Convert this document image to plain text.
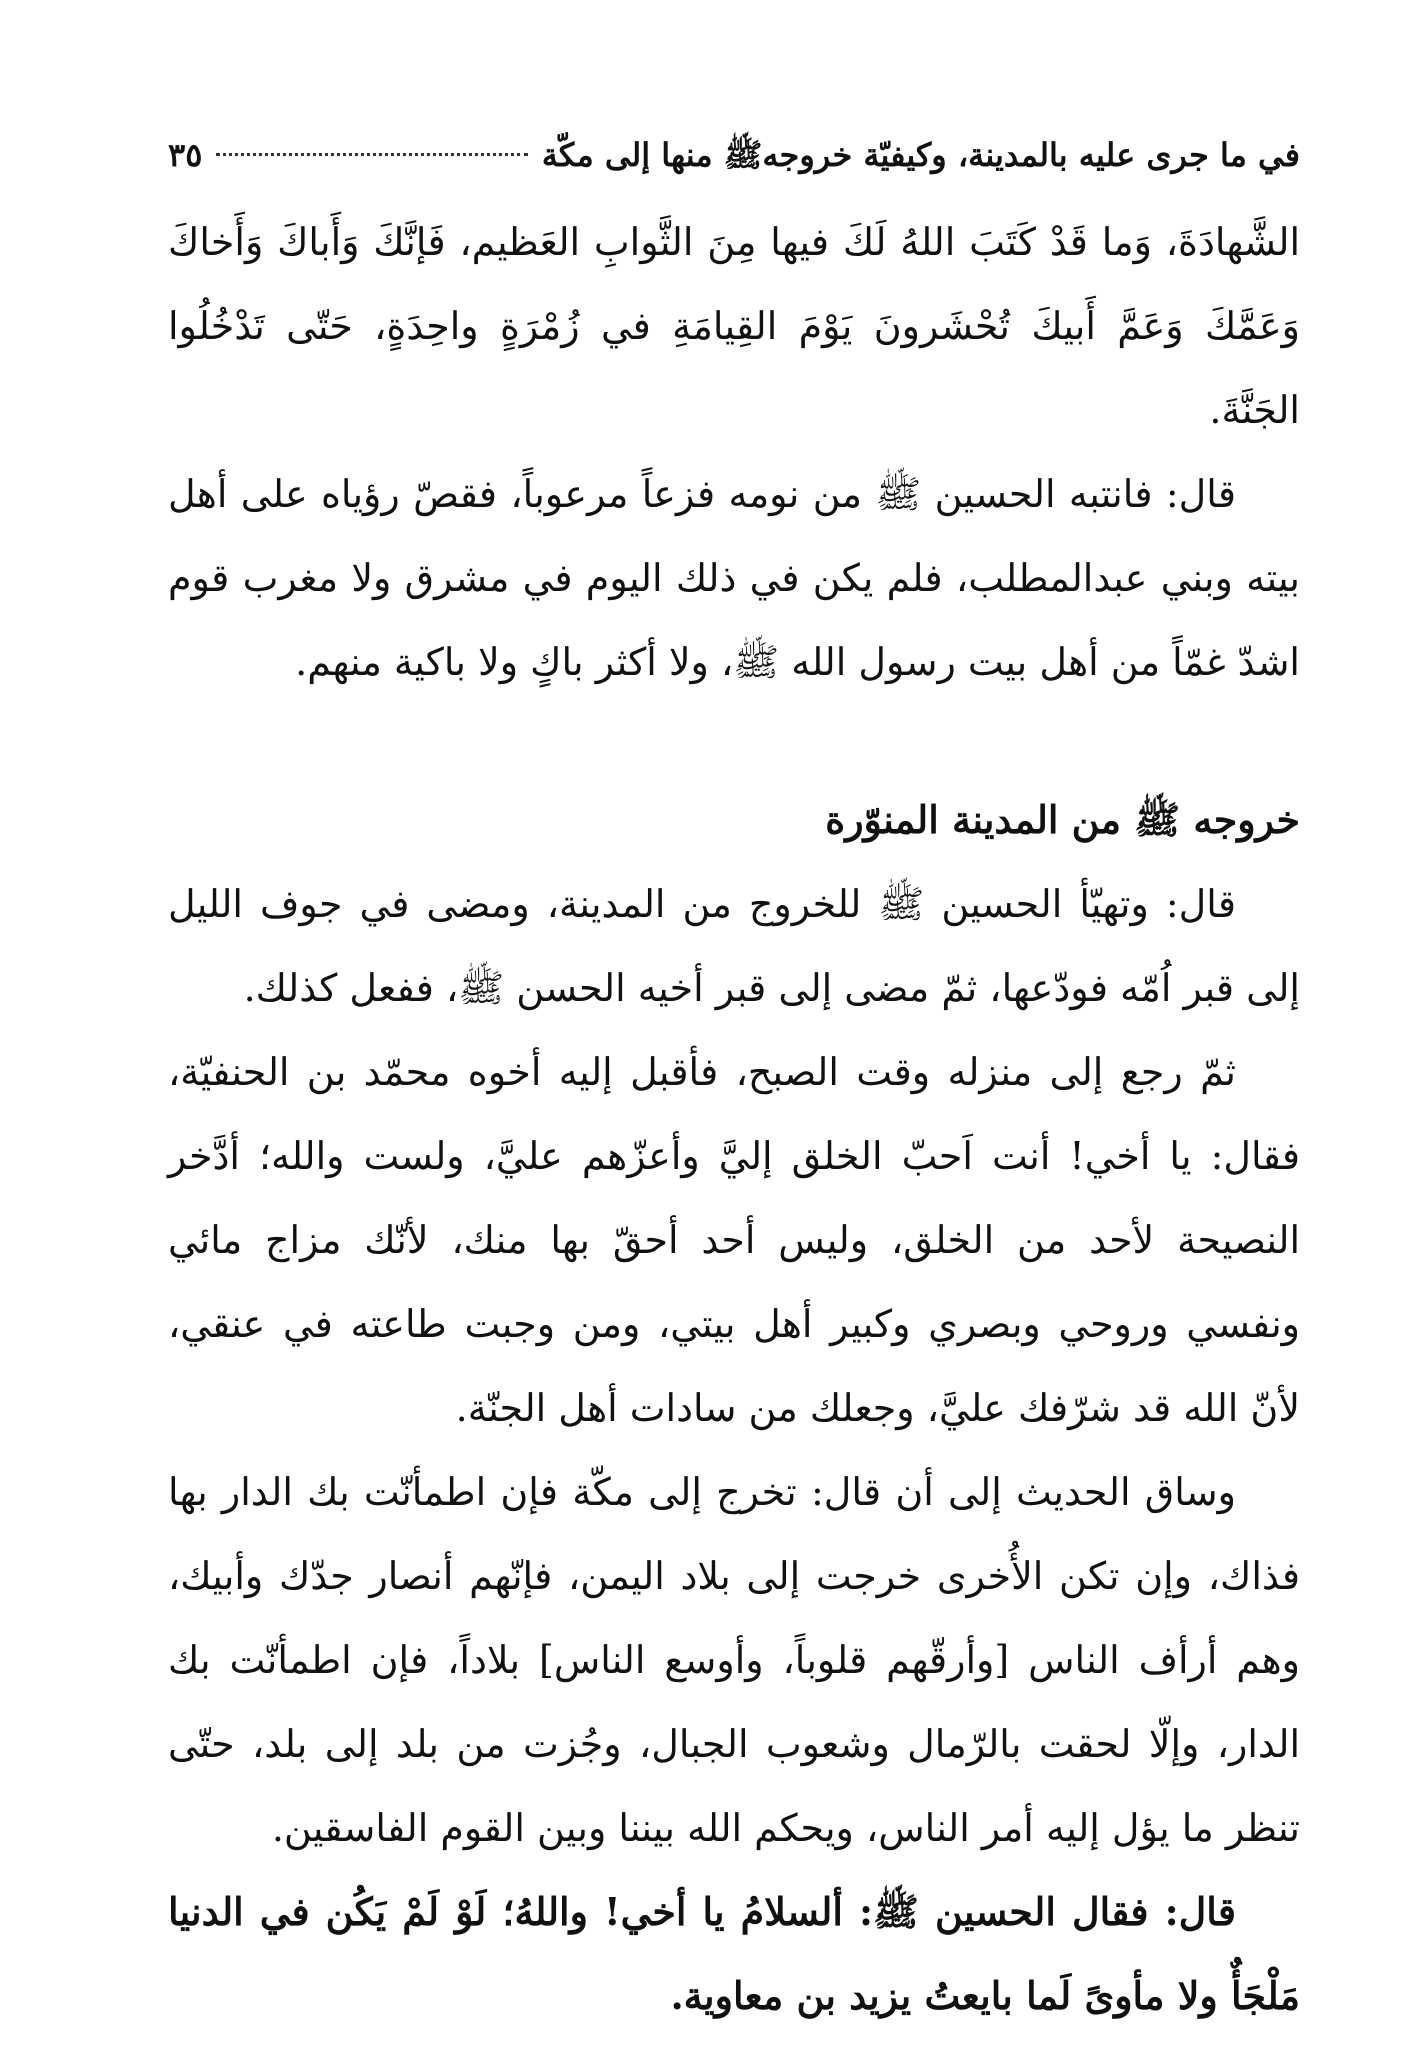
في ما جرى عليه بالمدينة، وكيفيّة خروجهﷺ منها إلى مكّة
٣٥

الشَّهادَةَ، وَما قَدْ كَتَبَ اللهُ لَكَ فيها مِنَ الثَّوابِ العَظيم، فَإنَّكَ وَأَباكَ وَأَخاكَ وَعَمَّكَ وَعَمَّ أَبيكَ تُحْشَرونَ يَوْمَ القِيامَةِ في زُمْرَةٍ واحِدَةٍ، حَتّى تَدْخُلُوا الجَنَّةَ.

قال: فانتبه الحسين ﷺ من نومه فزعاً مرعوباً، فقصّ رؤياه على أهل بيته وبني عبدالمطلب، فلم يكن في ذلك اليوم في مشرق ولا مغرب قوم اشدّ غمّاً من أهل بيت رسول الله ﷺ، ولا أكثر باكٍ ولا باكية منهم.

خروجه ﷺ من المدينة المنوّرة

قال: وتهيّأ الحسين ﷺ للخروج من المدينة، ومضى في جوف الليل إلى قبر اُمّه فودّعها، ثمّ مضى إلى قبر أخيه الحسن ﷺ، ففعل كذلك.

ثمّ رجع إلى منزله وقت الصبح، فأقبل إليه أخوه محمّد بن الحنفيّة، فقال: يا أخي! أنت اَحبّ الخلق إليَّ وأعزّهم عليَّ، ولست والله؛ أدَّخر النصيحة لأحد من الخلق، وليس أحد أحقّ بها منك، لأنّك مزاج مائي ونفسي وروحي وبصري وكبير أهل بيتي، ومن وجبت طاعته في عنقي، لأنّ الله قد شرّفك عليَّ، وجعلك من سادات أهل الجنّة.

وساق الحديث إلى أن قال: تخرج إلى مكّة فإن اطمأنّت بك الدار بها فذاك، وإن تكن الأُخرى خرجت إلى بلاد اليمن، فإنّهم أنصار جدّك وأبيك، وهم أرأف الناس [وأرقّهم قلوباً، وأوسع الناس] بلاداً، فإن اطمأنّت بك الدار، وإلّا لحقت بالرّمال وشعوب الجبال، وجُزت من بلد إلى بلد، حتّى تنظر ما يؤل إليه أمر الناس، ويحكم الله بيننا وبين القوم الفاسقين.

قال: فقال الحسين ﷺ: ألسلامُ يا أخي! واللهُ؛ لَوْ لَمْ يَكُن في الدنيا مَلْجَأٌ ولا مأوىً لَما بايعتُ يزيد بن معاوية.
